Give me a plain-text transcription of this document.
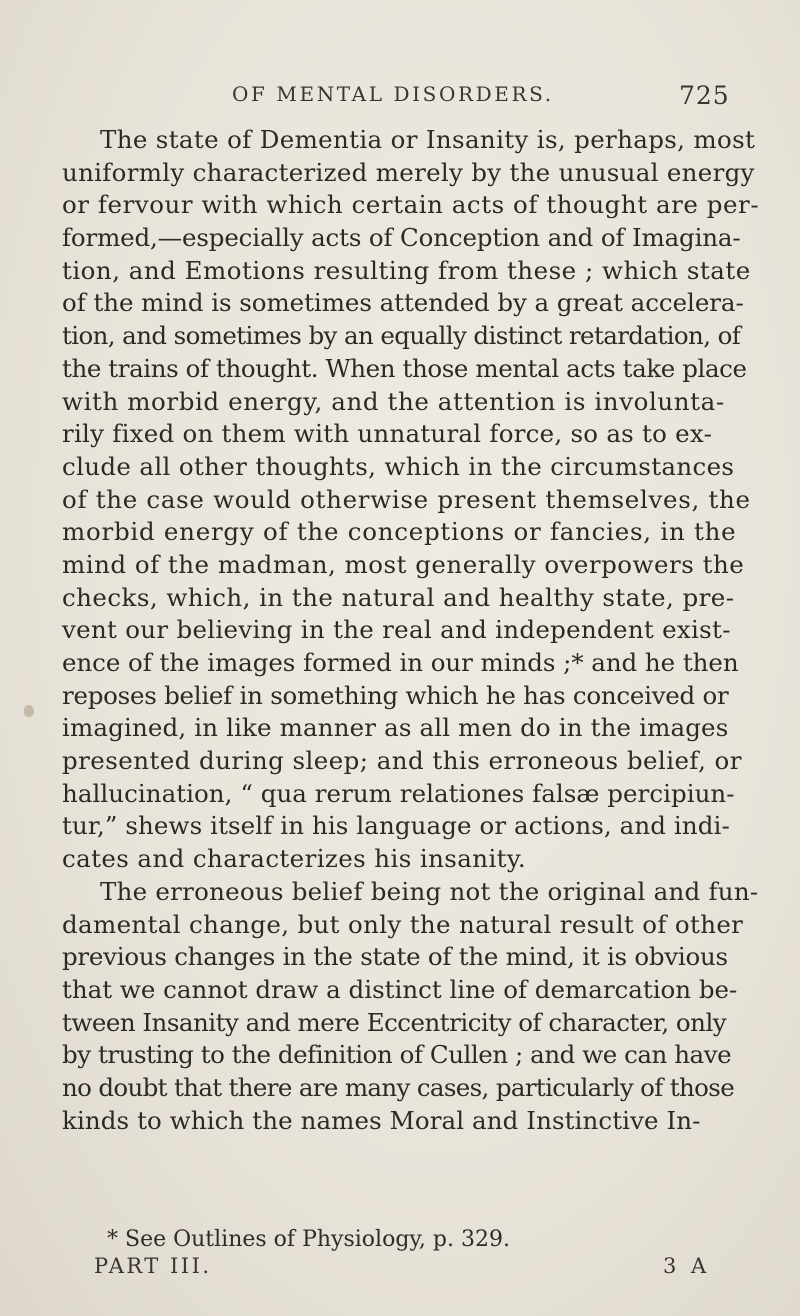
OF MENTAL DISORDERS.	725
The state of Dementia or Insanity is, perhaps, most
uniformly characterized merely by the unusual energy
or fervour with which certain acts of thought are per-
formed,—especially acts of Conception and of Imagina-
tion, and Emotions resulting from these ; which state
of the mind is sometimes attended by a great accelera-
tion, and sometimes by an equally distinct retardation, of
the trains of thought. When those mental acts take place
with morbid energy, and the attention is involunta-
rily fixed on them with unnatural force, so as to ex-
clude all other thoughts, which in the circumstances
of the case would otherwise present themselves, the
morbid energy of the conceptions or fancies, in the
mind of the madman, most generally overpowers the
checks, which, in the natural and healthy state, pre-
vent our believing in the real and independent exist-
ence of the images formed in our minds ;* and he then
reposes belief in something which he has conceived or
imagined, in like manner as all men do in the images
presented during sleep; and this erroneous belief, or
hallucination, “ qua rerum relationes falsæ percipiun-
tur,” shews itself in his language or actions, and indi-
cates and characterizes his insanity.
The erroneous belief being not the original and fun-
damental change, but only the natural result of other
previous changes in the state of the mind, it is obvious
that we cannot draw a distinct line of demarcation be-
tween Insanity and mere Eccentricity of character, only
by trusting to the definition of Cullen ; and we can have
no doubt that there are many cases, particularly of those
kinds to which the names Moral and Instinctive In-
* See Outlines of Physiology, p. 329.
PART III.	3 A
